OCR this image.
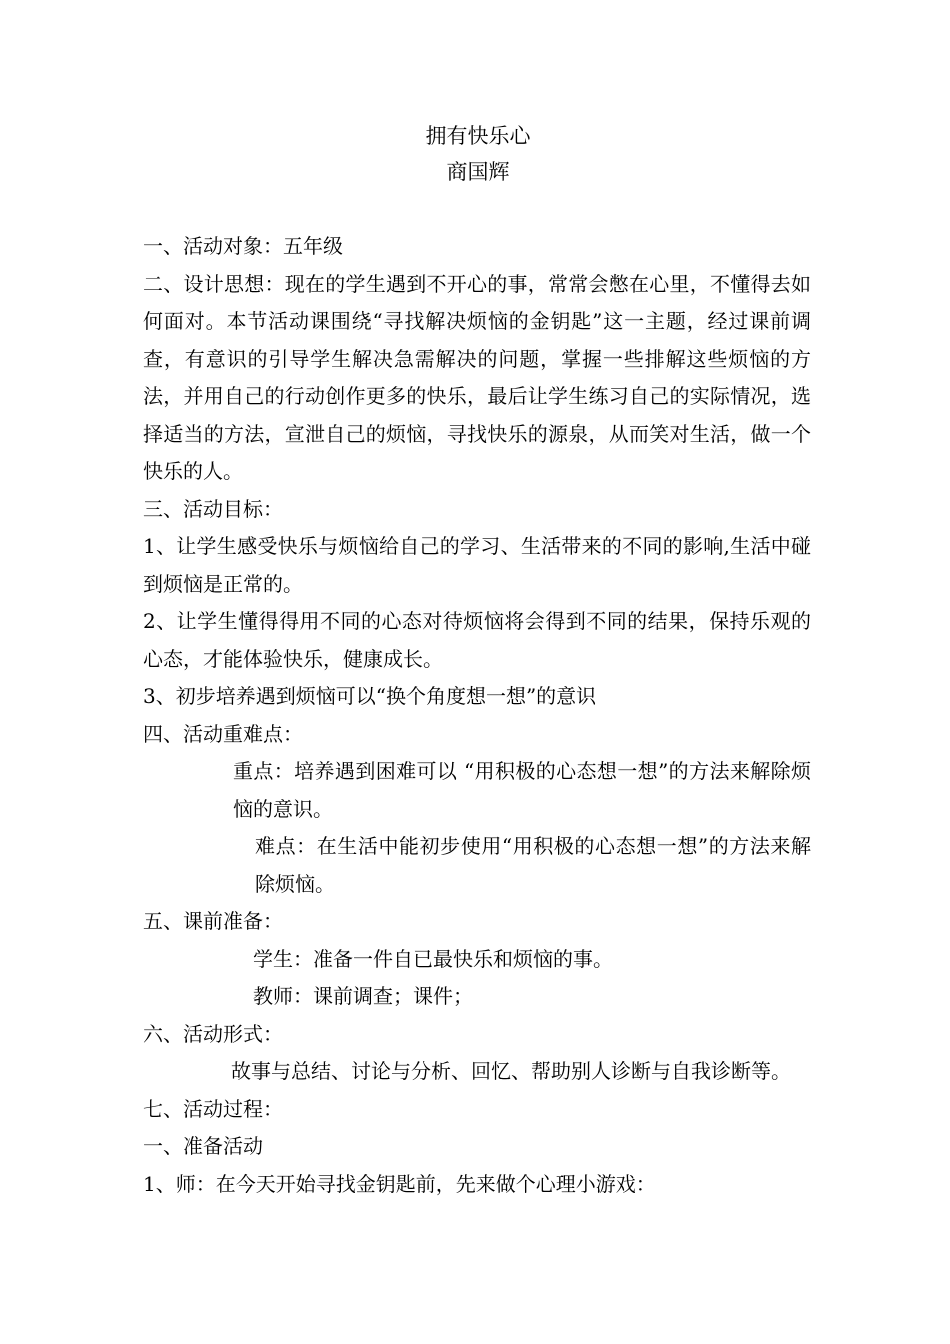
拥有快乐心
商国辉

一、活动对象：五年级

二、设计思想：现在的学生遇到不开心的事，常常会憋在心里，不懂得去如何面对。本节活动课围绕“寻找解决烦恼的金钥匙”这一主题，经过课前调查，有意识的引导学生解决急需解决的问题，掌握一些排解这些烦恼的方法，并用自己的行动创作更多的快乐，最后让学生练习自己的实际情况，选择适当的方法，宣泄自己的烦恼，寻找快乐的源泉，从而笑对生活，做一个快乐的人。

三、活动目标：

1、让学生感受快乐与烦恼给自己的学习、生活带来的不同的影响,生活中碰到烦恼是正常的。

2、让学生懂得得用不同的心态对待烦恼将会得到不同的结果，保持乐观的心态，才能体验快乐，健康成长。

3、初步培养遇到烦恼可以“换个角度想一想”的意识

四、活动重难点：

重点：培养遇到困难可以 “用积极的心态想一想”的方法来解除烦恼的意识。

难点：在生活中能初步使用“用积极的心态想一想”的方法来解除烦恼。

五、课前准备：

学生：准备一件自已最快乐和烦恼的事。

教师：课前调查；课件；

六、活动形式：

故事与总结、讨论与分析、回忆、帮助别人诊断与自我诊断等。

七、活动过程：

一、准备活动

1、师：在今天开始寻找金钥匙前，先来做个心理小游戏：
